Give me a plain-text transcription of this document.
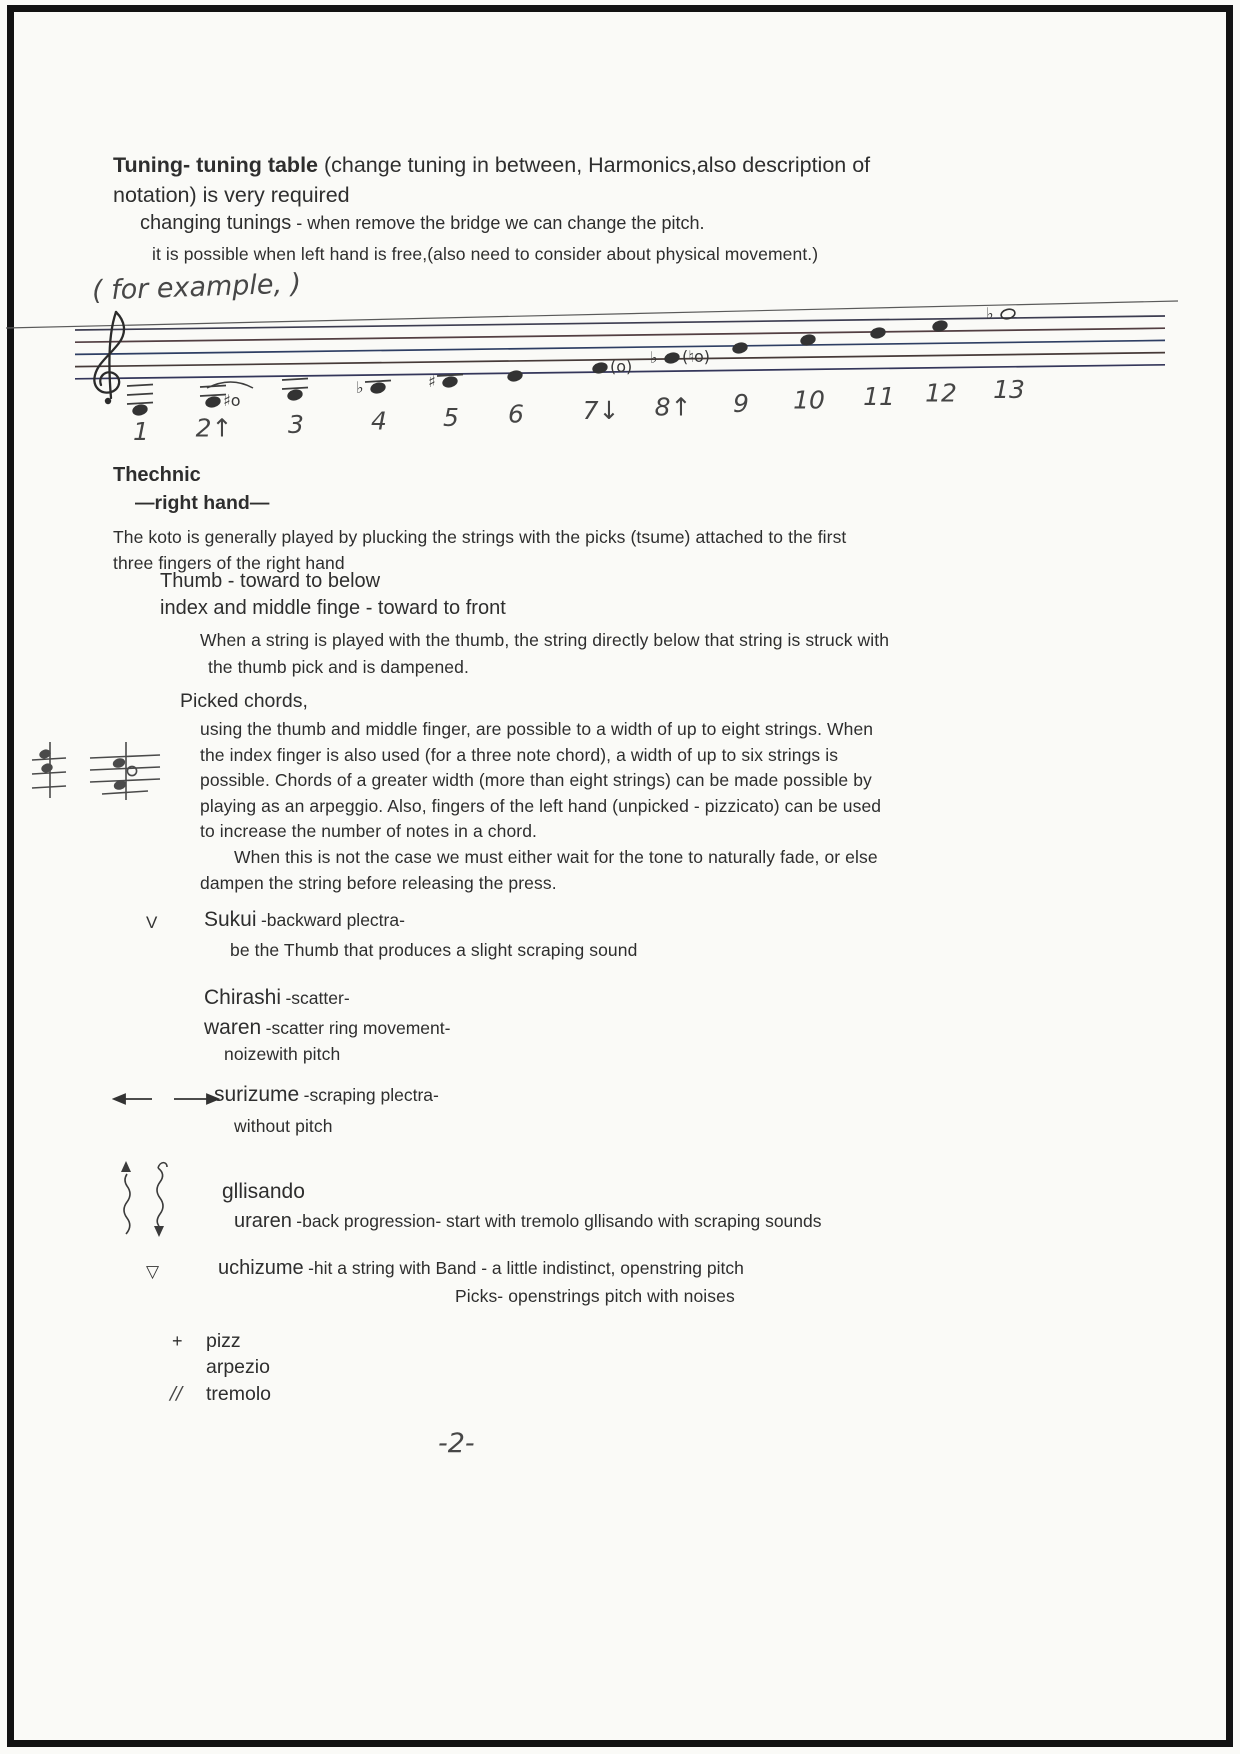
Tuning- tuning table (change tuning in between, Harmonics,also description of
notation) is very required
changing tunings - when remove the bridge we can change the pitch.
it is possible when left hand is free,(also need to consider about physical movement.)
( for example, )
1
♯o
2↑ 3
♭
4
♯
5 6
(o)
7↓
♭ (♮o)
8↑ 9 10 11 12
♭
13
Thechnic
—right hand—
The koto is generally played by plucking the strings with the picks (tsume) attached to the first
three fingers of the right hand
Thumb - toward to below
index and middle finge - toward to front
When a string is played with the thumb, the string directly below that string is struck with
the thumb pick and is dampened.
Picked chords,
using the thumb and middle finger, are possible to a width of up to eight strings. When
the index finger is also used (for a three note chord), a width of up to six strings is
possible. Chords of a greater width (more than eight strings) can be made possible by
playing as an arpeggio. Also, fingers of the left hand (unpicked - pizzicato) can be used
to increase the number of notes in a chord.
When this is not the case we must either wait for the tone to naturally fade, or else
dampen the string before releasing the press.
V Sukui -backward plectra-
be the Thumb that produces a slight scraping sound
Chirashi -scatter-
waren -scatter ring movement-
noizewith pitch
surizume -scraping plectra-
without pitch
gllisando
uraren -back progression- start with tremolo gllisando with scraping sounds
▽	uchizume -hit a string with Band - a little indistinct, openstring pitch
Picks- openstrings pitch with noises
+ pizz
arpezio
// tremolo
-2-
